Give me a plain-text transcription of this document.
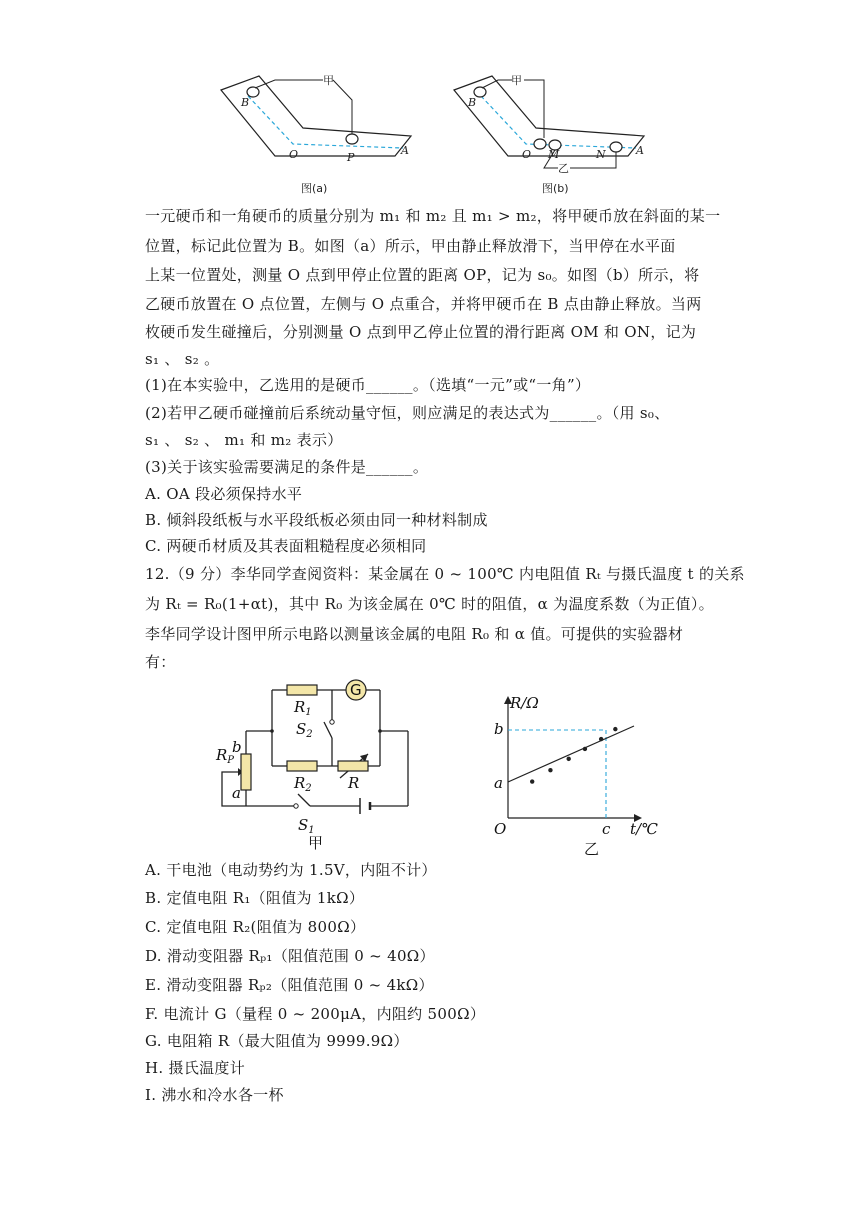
甲
B
O	P
A
图(a)
甲
乙
B
O M	N	A
图(b)
一元硬币和一角硬币的质量分别为 m₁ 和 m₂ 且 m₁ > m₂，将甲硬币放在斜面的某一
位置，标记此位置为 B。如图（a）所示，甲由静止释放滑下，当甲停在水平面
上某一位置处，测量 O 点到甲停止位置的距离 OP，记为 s₀。如图（b）所示，将
乙硬币放置在 O 点位置，左侧与 O 点重合，并将甲硬币在 B 点由静止释放。当两
枚硬币发生碰撞后，分别测量 O 点到甲乙停止位置的滑行距离 OM 和 ON，记为
s₁ 、 s₂ 。
(1)在本实验中，乙选用的是硬币______。（选填“一元”或“一角”）
(2)若甲乙硬币碰撞前后系统动量守恒，则应满足的表达式为______。（用 s₀、
s₁ 、 s₂ 、 m₁ 和 m₂ 表示）
(3)关于该实验需要满足的条件是______。
A. OA 段必须保持水平
B. 倾斜段纸板与水平段纸板必须由同一种材料制成
C. 两硬币材质及其表面粗糙程度必须相同
12.（9 分）李华同学查阅资料：某金属在 0 ~ 100℃ 内电阻值 Rₜ 与摄氏温度 t 的关系
为 Rₜ = R₀(1+αt)，其中 R₀ 为该金属在 0℃ 时的阻值，α 为温度系数（为正值）。
李华同学设计图甲所示电路以测量该金属的电阻 R₀ 和 α 值。可提供的实验器材
有：
G
$R_1$
$S_2$
$R_2$ R
$R_P$
b
a
$S_1$
甲
R/Ω
t/℃
O
a
b
c
乙
A. 干电池（电动势约为 1.5V，内阻不计）
B. 定值电阻 R₁（阻值为 1kΩ）
C. 定值电阻 R₂(阻值为 800Ω）
D. 滑动变阻器 Rₚ₁（阻值范围 0 ~ 40Ω）
E. 滑动变阻器 Rₚ₂（阻值范围 0 ~ 4kΩ）
F. 电流计 G（量程 0 ~ 200μA，内阻约 500Ω）
G. 电阻箱 R（最大阻值为 9999.9Ω）
H. 摄氏温度计
I. 沸水和冷水各一杯
